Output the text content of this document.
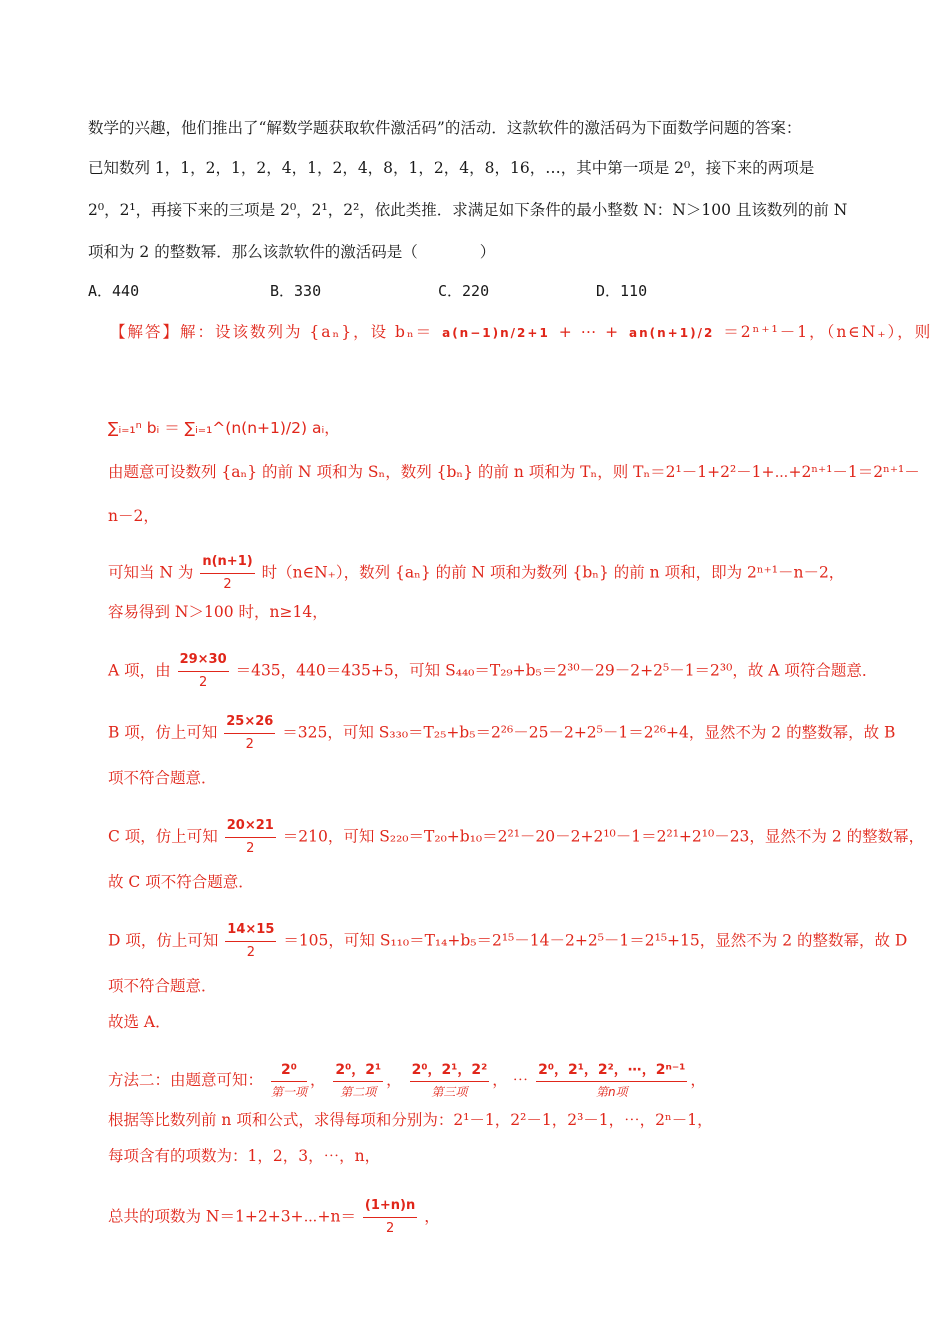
数学的兴趣，他们推出了“解数学题获取软件激活码”的活动．这款软件的激活码为下面数学问题的答案：
已知数列 1，1，2，1，2，4，1，2，4，8，1，2，4，8，16，…，其中第一项是 2⁰，接下来的两项是
2⁰，2¹，再接下来的三项是 2⁰，2¹，2²，依此类推．求满足如下条件的最小整数 N：N＞100 且该数列的前 N
项和为 2 的整数幂．那么该款软件的激活码是（　　　　）
A．440	B．330	C．220	D．110
【解答】解：设该数列为 {aₙ}，设 bₙ＝ a(n−1)n/2+1 + ⋯ + an(n+1)/2 ＝2ⁿ⁺¹－1，（n∈N₊），则
∑ᵢ₌₁ⁿ bᵢ ＝ ∑ᵢ₌₁^(n(n+1)/2) aᵢ，
由题意可设数列 {aₙ} 的前 N 项和为 Sₙ，数列 {bₙ} 的前 n 项和为 Tₙ，则 Tₙ＝2¹－1+2²－1+⋯+2ⁿ⁺¹－1＝2ⁿ⁺¹－
n－2，
可知当 N 为 $\frac{n(n+1)}{2}$ 时（n∈N₊），数列 {aₙ} 的前 N 项和为数列 {bₙ} 的前 n 项和，即为 2ⁿ⁺¹－n－2，
容易得到 N＞100 时，n≥14，
A 项，由 $\frac{29\times 30}{2} =435$，440＝435+5，可知 S₄₄₀＝T₂₉+b₅＝2³⁰－29－2+2⁵－1＝2³⁰，故 A 项符合题意．
B 项，仿上可知 $\frac{25\times 26}{2} =325$，可知 S₃₃₀＝T₂₅+b₅＝2²⁶－25－2+2⁵－1＝2²⁶+4，显然不为 2 的整数幂，故 B
项不符合题意．
C 项，仿上可知 $\frac{20\times 21}{2} =210$，可知 S₂₂₀＝T₂₀+b₁₀＝2²¹－20－2+2¹⁰－1＝2²¹+2¹⁰－23，显然不为 2 的整数幂，
故 C 项不符合题意．
D 项，仿上可知 $\frac{14\times 15}{2} =105$，可知 S₁₁₀＝T₁₄+b₅＝2¹⁵－14－2+2⁵－1＝2¹⁵+15，显然不为 2 的整数幂，故 D
项不符合题意．
故选 A．
方法二：由题意可知：
2⁰
第一项
，
2⁰，2¹
第二项
，
2⁰，2¹，2²
第三项
， ⋯
2⁰，2¹，2²，⋯，2ⁿ⁻¹
第n项
，
根据等比数列前 n 项和公式，求得每项和分别为：2¹－1，2²－1，2³－1，⋯，2ⁿ－1，
每项含有的项数为：1，2，3，⋯，n，
总共的项数为 N＝1+2+3+⋯+n＝ $\frac{(1+n)n}{2}$ ，
